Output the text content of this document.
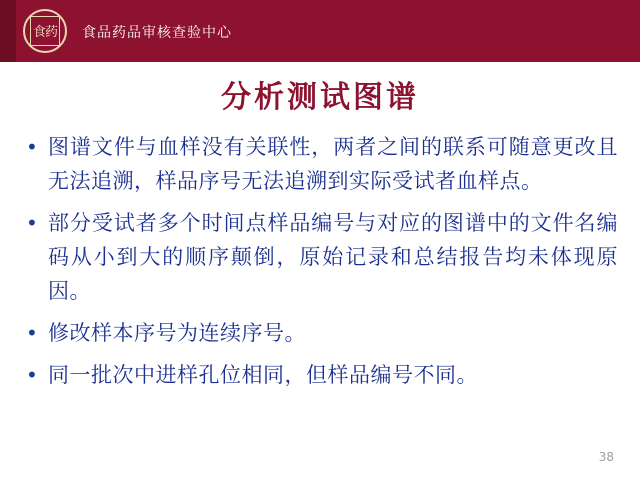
食药 食品药品审核查验中心
分析测试图谱
• 图谱文件与血样没有关联性，两者之间的联系可随意更改且无法追溯，样品序号无法追溯到实际受试者血样点。
• 部分受试者多个时间点样品编号与对应的图谱中的文件名编码从小到大的顺序颠倒，原始记录和总结报告均未体现原因。
• 修改样本序号为连续序号。
• 同一批次中进样孔位相同，但样品编号不同。
38
